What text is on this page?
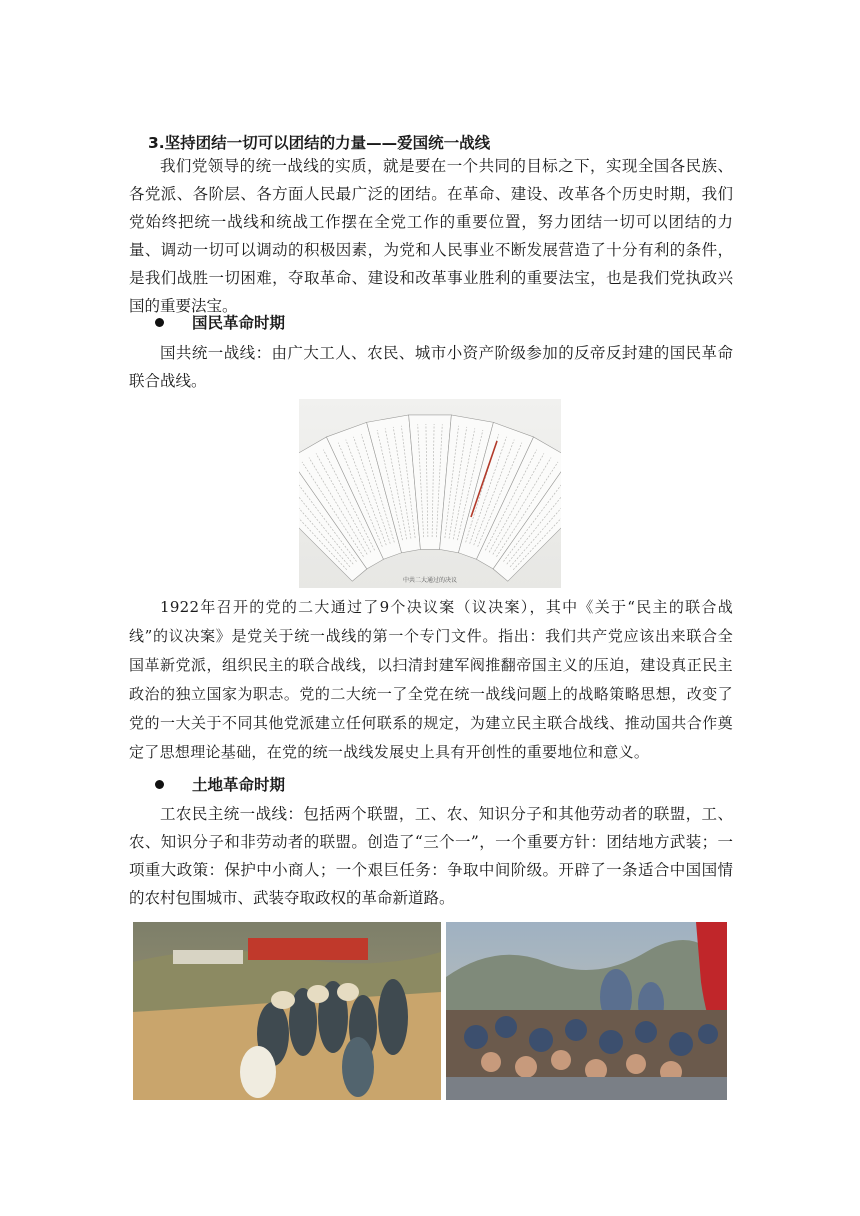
3.坚持团结一切可以团结的力量——爱国统一战线

我们党领导的统一战线的实质，就是要在一个共同的目标之下，实现全国各民族、各党派、各阶层、各方面人民最广泛的团结。在革命、建设、改革各个历史时期，我们党始终把统一战线和统战工作摆在全党工作的重要位置，努力团结一切可以团结的力量、调动一切可以调动的积极因素，为党和人民事业不断发展营造了十分有利的条件，是我们战胜一切困难，夺取革命、建设和改革事业胜利的重要法宝，也是我们党执政兴国的重要法宝。

国民革命时期

国共统一战线：由广大工人、农民、城市小资产阶级参加的反帝反封建的国民革命联合战线。

中共二大通过的决议

1922年召开的党的二大通过了9个决议案（议决案），其中《关于“民主的联合战线”的议决案》是党关于统一战线的第一个专门文件。指出：我们共产党应该出来联合全国革新党派，组织民主的联合战线，以扫清封建军阀推翻帝国主义的压迫，建设真正民主政治的独立国家为职志。党的二大统一了全党在统一战线问题上的战略策略思想，改变了党的一大关于不同其他党派建立任何联系的规定，为建立民主联合战线、推动国共合作奠定了思想理论基础，在党的统一战线发展史上具有开创性的重要地位和意义。

土地革命时期

工农民主统一战线：包括两个联盟，工、农、知识分子和其他劳动者的联盟，工、农、知识分子和非劳动者的联盟。创造了“三个一”，一个重要方针：团结地方武装；一项重大政策：保护中小商人；一个艰巨任务：争取中间阶级。开辟了一条适合中国国情的农村包围城市、武装夺取政权的革命新道路。
